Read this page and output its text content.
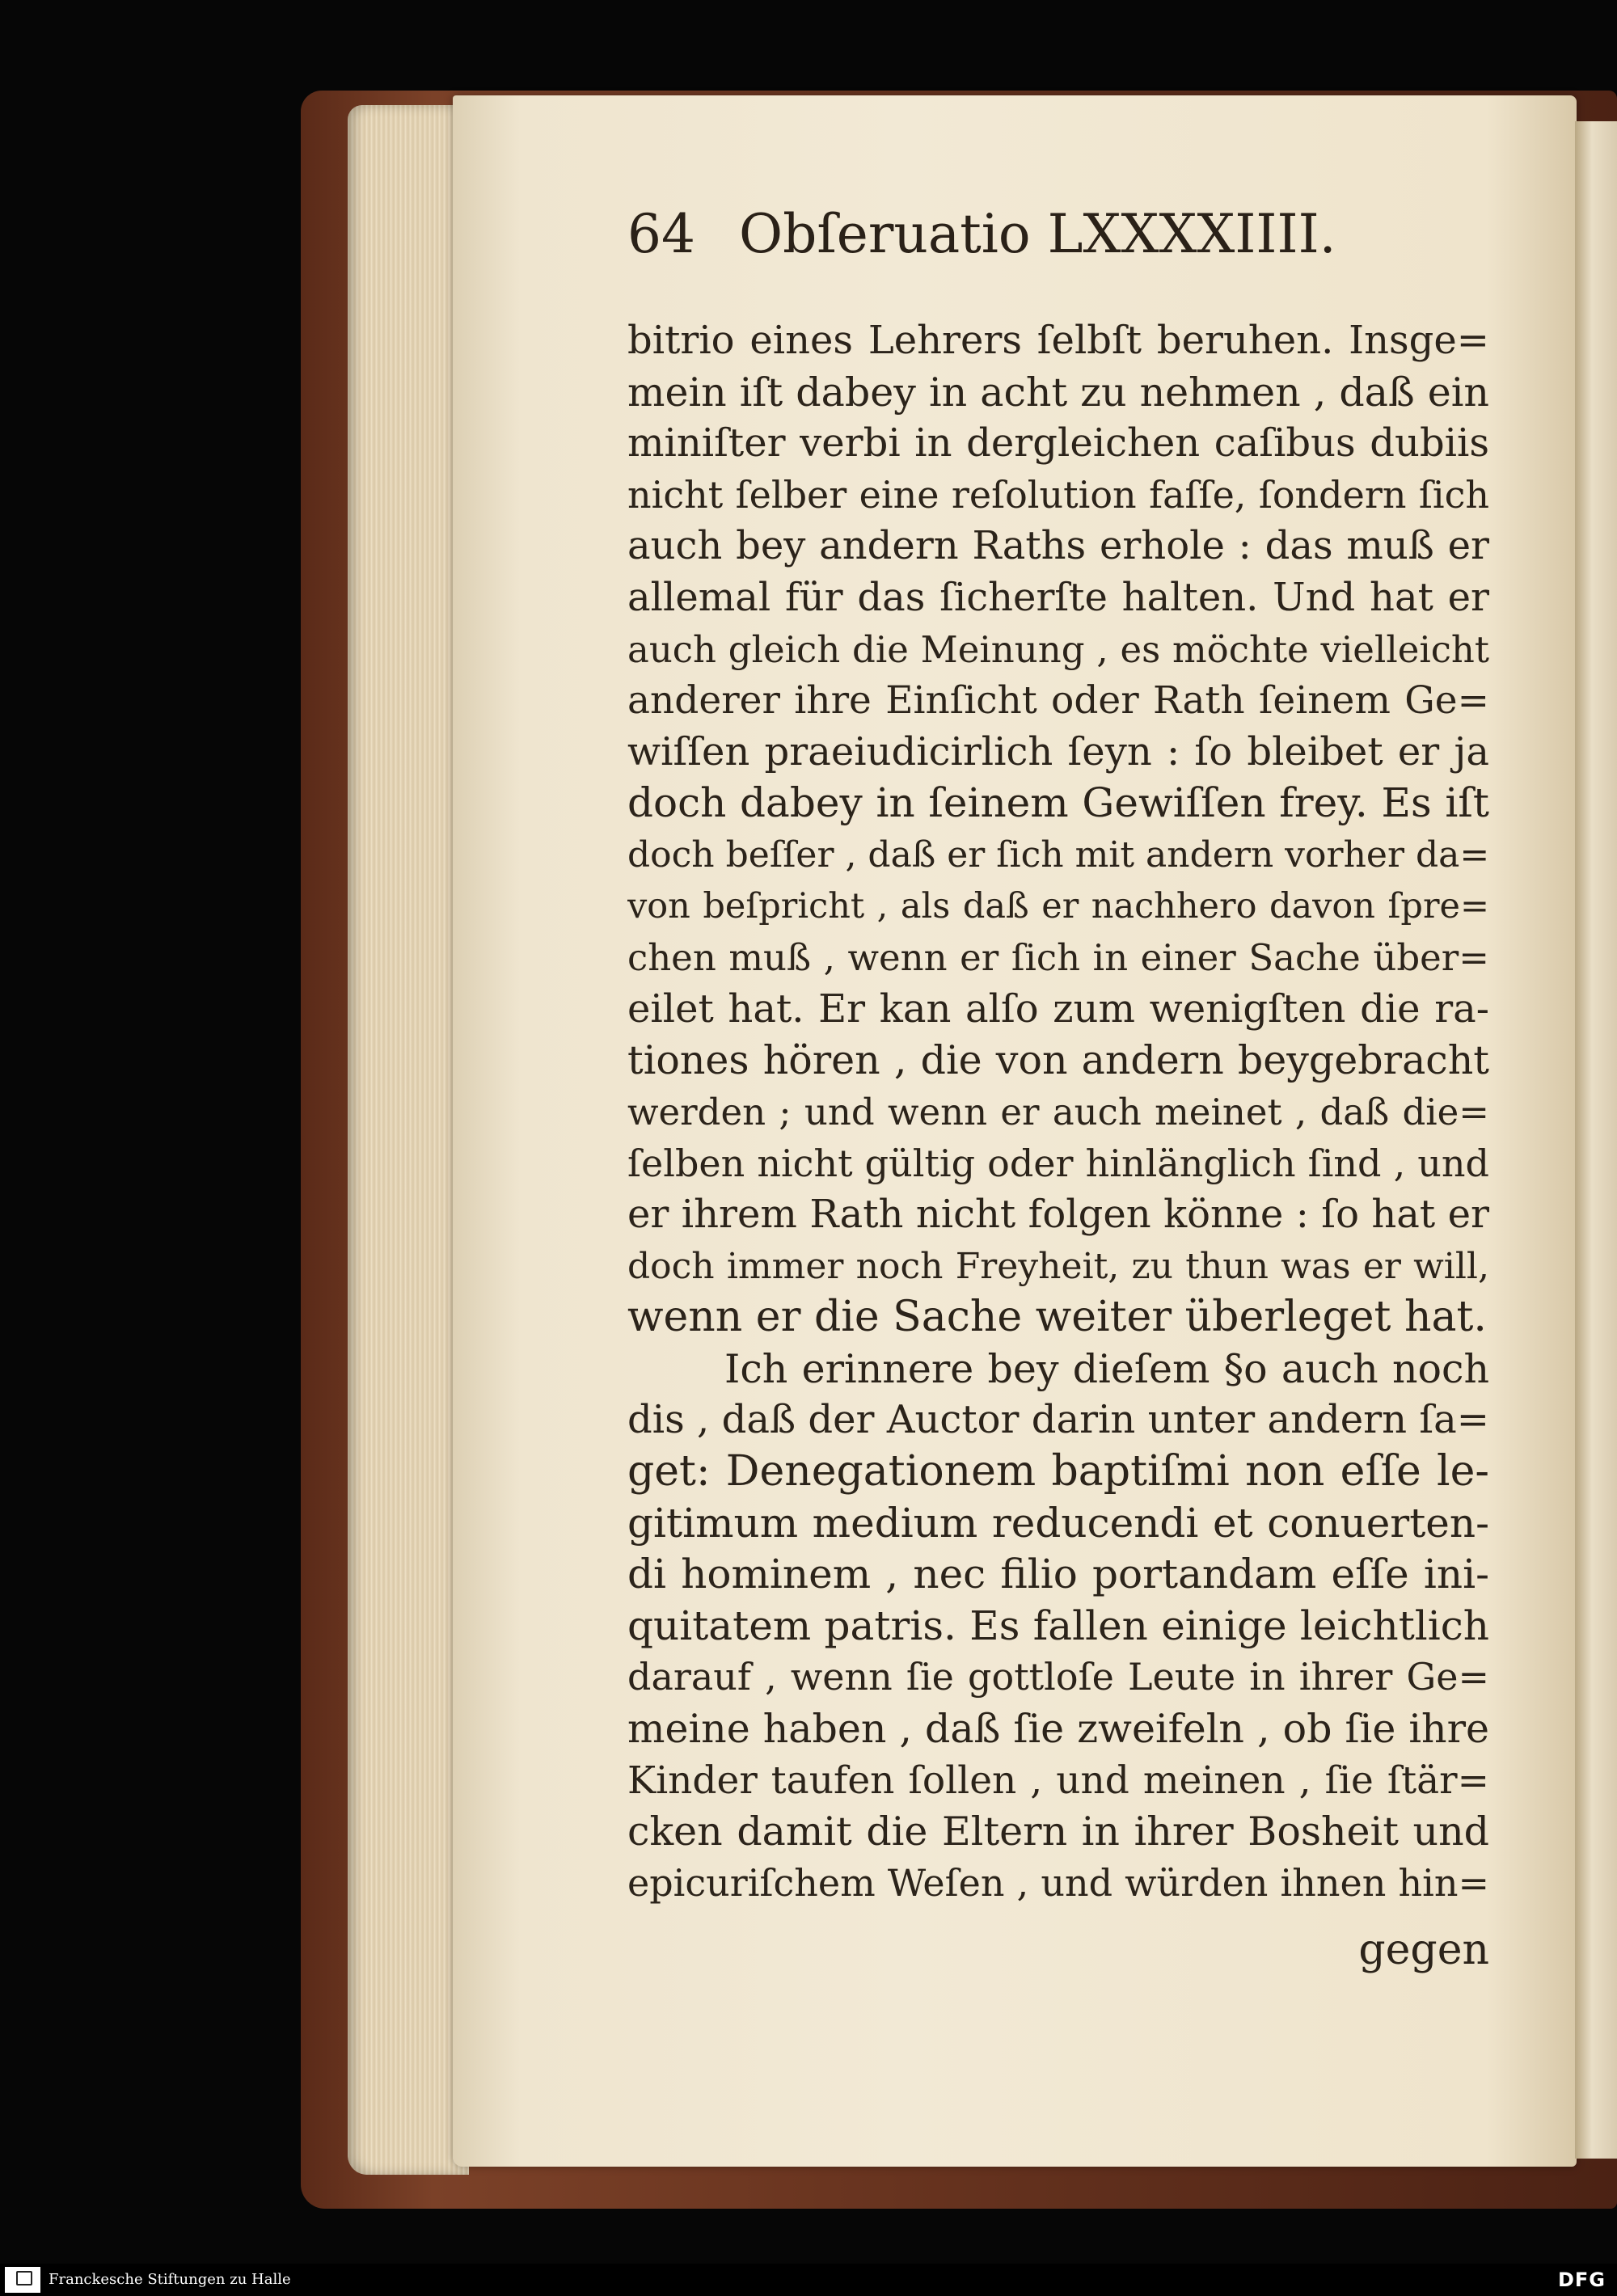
64 Obſeruatio LXXXXIIII.
bitrio eines Lehrers ſelbſt beruhen. Insge=
mein iſt dabey in acht zu nehmen , daß ein
miniſter verbi in dergleichen caſibus dubiis
nicht ſelber eine reſolution faſſe, ſondern ſich
auch bey andern Raths erhole : das muß er
allemal für das ſicherſte halten. Und hat er
auch gleich die Meinung , es möchte vielleicht
anderer ihre Einſicht oder Rath ſeinem Ge=
wiſſen praeiudicirlich ſeyn : ſo bleibet er ja
doch dabey in ſeinem Gewiſſen frey. Es iſt
doch beſſer , daß er ſich mit andern vorher da=
von beſpricht , als daß er nachhero davon ſpre=
chen muß , wenn er ſich in einer Sache über=
eilet hat. Er kan alſo zum wenigſten die ra-
tiones hören , die von andern beygebracht
werden ; und wenn er auch meinet , daß die=
ſelben nicht gültig oder hinlänglich ſind , und
er ihrem Rath nicht folgen könne : ſo hat er
doch immer noch Freyheit, zu thun was er will,
wenn er die Sache weiter überleget hat.
Ich erinnere bey dieſem §o auch noch
dis , daß der Auctor darin unter andern ſa=
get: Denegationem baptiſmi non eſſe le-
gitimum medium reducendi et conuerten-
di hominem , nec filio portandam eſſe ini-
quitatem patris. Es fallen einige leichtlich
darauf , wenn ſie gottloſe Leute in ihrer Ge=
meine haben , daß ſie zweifeln , ob ſie ihre
Kinder taufen ſollen , und meinen , ſie ſtär=
cken damit die Eltern in ihrer Bosheit und
epicuriſchem Weſen , und würden ihnen hin=
gegen
Franckesche Stiftungen zu Halle	DFG
